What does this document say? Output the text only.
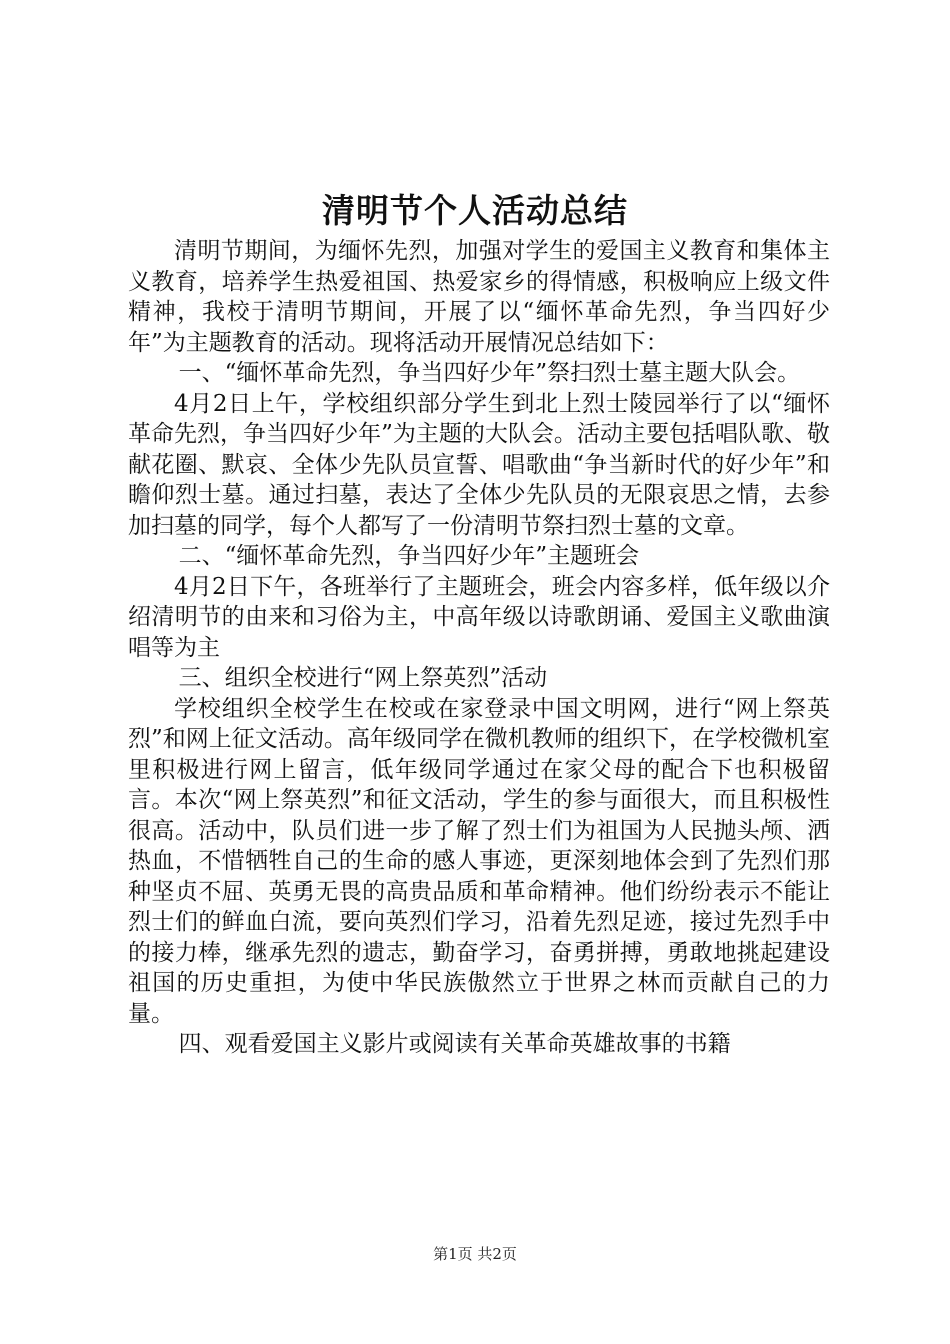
清明节个人活动总结

清明节期间，为缅怀先烈，加强对学生的爱国主义教育和集体主义教育，培养学生热爱祖国、热爱家乡的得情感，积极响应上级文件精神，我校于清明节期间，开展了以“缅怀革命先烈，争当四好少年”为主题教育的活动。现将活动开展情况总结如下：

一、“缅怀革命先烈，争当四好少年”祭扫烈士墓主题大队会。

4月2日上午，学校组织部分学生到北上烈士陵园举行了以“缅怀革命先烈，争当四好少年”为主题的大队会。活动主要包括唱队歌、敬献花圈、默哀、全体少先队员宣誓、唱歌曲“争当新时代的好少年”和瞻仰烈士墓。通过扫墓，表达了全体少先队员的无限哀思之情，去参加扫墓的同学，每个人都写了一份清明节祭扫烈士墓的文章。

二、“缅怀革命先烈，争当四好少年”主题班会

4月2日下午，各班举行了主题班会，班会内容多样，低年级以介绍清明节的由来和习俗为主，中高年级以诗歌朗诵、爱国主义歌曲演唱等为主

三、组织全校进行“网上祭英烈”活动

学校组织全校学生在校或在家登录中国文明网，进行“网上祭英烈”和网上征文活动。高年级同学在微机教师的组织下，在学校微机室里积极进行网上留言，低年级同学通过在家父母的配合下也积极留言。本次“网上祭英烈”和征文活动，学生的参与面很大，而且积极性很高。活动中，队员们进一步了解了烈士们为祖国为人民抛头颅、洒热血，不惜牺牲自己的生命的感人事迹，更深刻地体会到了先烈们那种坚贞不屈、英勇无畏的高贵品质和革命精神。他们纷纷表示不能让烈士们的鲜血白流，要向英烈们学习，沿着先烈足迹，接过先烈手中的接力棒，继承先烈的遗志，勤奋学习，奋勇拼搏，勇敢地挑起建设祖国的历史重担，为使中华民族傲然立于世界之林而贡献自己的力量。

四、观看爱国主义影片或阅读有关革命英雄故事的书籍

第1页 共2页
